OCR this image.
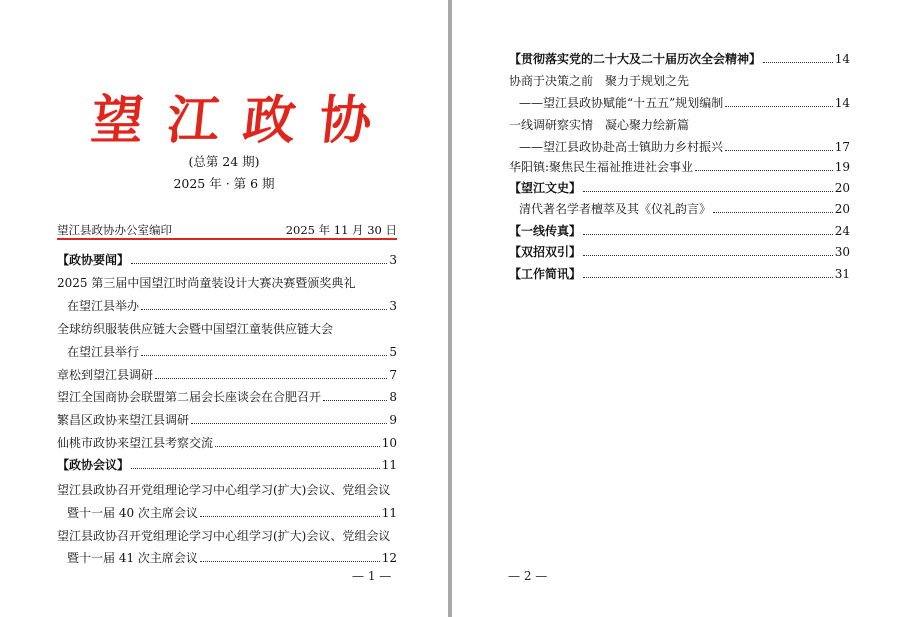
望 江 政 协
(总第 24 期)
2025 年 · 第 6 期
望江县政协办公室编印	2025 年 11 月 30 日
【政协要闻】	3
2025 第三届中国望江时尚童装设计大赛决赛暨颁奖典礼
在望江县举办	3
全球纺织服装供应链大会暨中国望江童装供应链大会
在望江县举行	5
章松到望江县调研	7
望江全国商协会联盟第二届会长座谈会在合肥召开	8
繁昌区政协来望江县调研	9
仙桃市政协来望江县考察交流	10
【政协会议】	11
望江县政协召开党组理论学习中心组学习(扩大)会议、党组会议
暨十一届 40 次主席会议	11
望江县政协召开党组理论学习中心组学习(扩大)会议、党组会议
暨十一届 41 次主席会议	12
— 1 —
【贯彻落实党的二十大及二十届历次全会精神】	14
协商于决策之前　聚力于规划之先
——望江县政协赋能“十五五”规划编制	14
一线调研察实情　凝心聚力绘新篇
——望江县政协赴高士镇助力乡村振兴	17
华阳镇:聚焦民生福祉推进社会事业	19
【望江文史】	20
清代著名学者檀萃及其《仪礼韵言》	20
【一线传真】	24
【双招双引】	30
【工作简讯】	31
— 2 —
